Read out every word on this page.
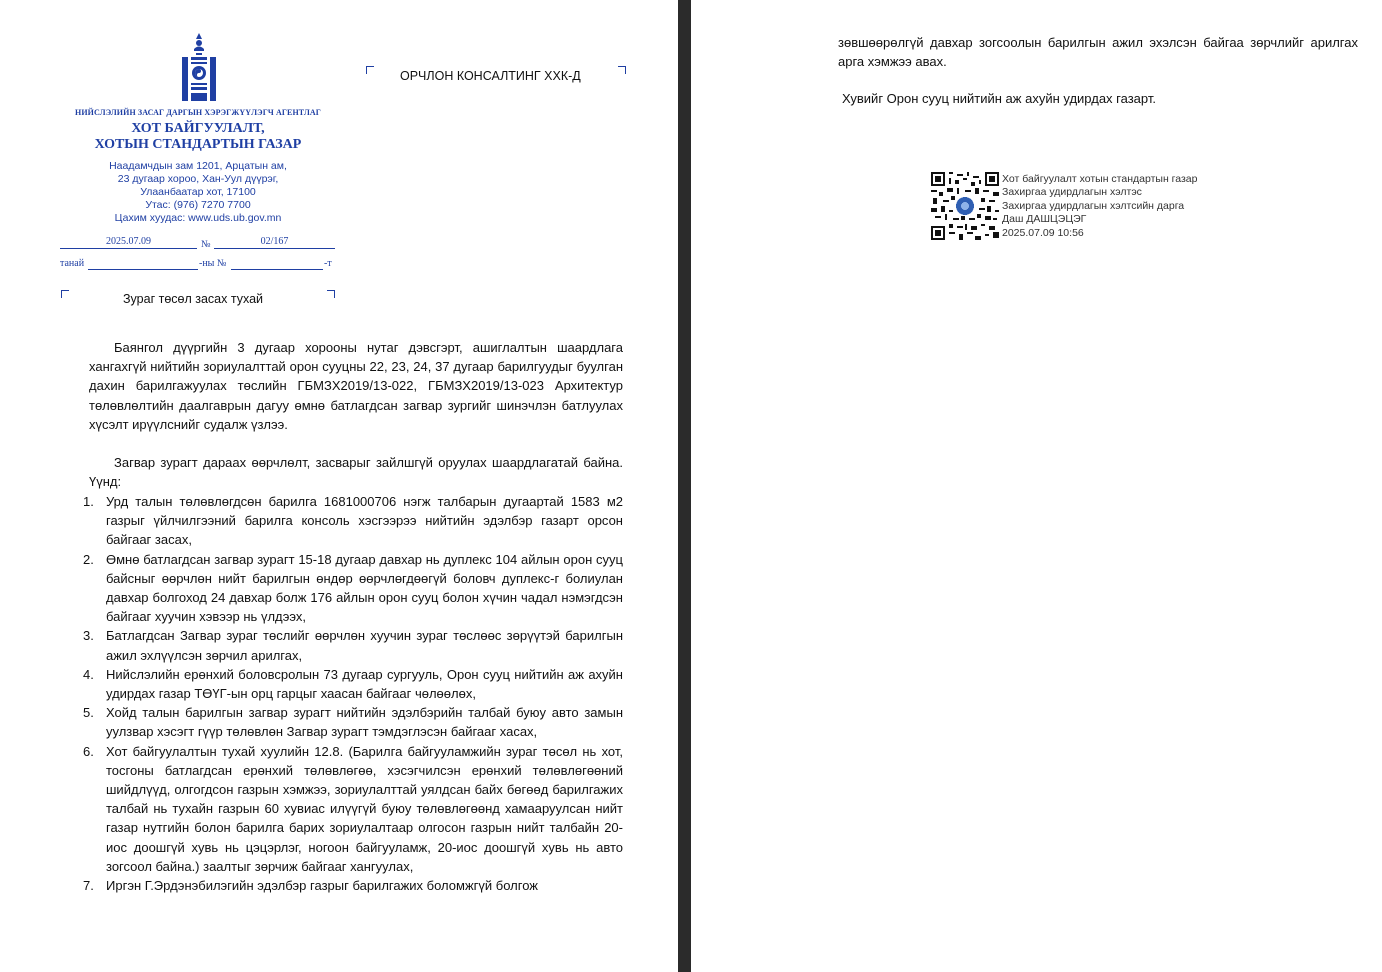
НИЙСЛЭЛИЙН ЗАСАГ ДАРГЫН ХЭРЭГЖҮҮЛЭГЧ АГЕНТЛАГ
ХОТ БАЙГУУЛАЛТ,
ХОТЫН СТАНДАРТЫН ГАЗАР
Наадамчдын зам 1201, Арцатын ам,
23 дугаар хороо, Хан-Уул дүүрэг,
Улаанбаатар хот, 17100
Утас: (976) 7270 7700
Цахим хуудас: www.uds.ub.gov.mn
2025.07.09	№	02/167
танай	-ны №	-т
ОРЧЛОН КОНСАЛТИНГ ХХК-Д
Зураг төсөл засах тухай
Баянгол дүүргийн 3 дугаар хорооны нутаг дэвсгэрт, ашиглалтын шаардлага хангахгүй нийтийн зориулалттай орон сууцны 22, 23, 24, 37 дугаар барилгуудыг буулган дахин барилгажуулах төслийн ГБМЗХ2019/13-022, ГБМЗХ2019/13-023 Архитектур төлөвлөлтийн даалгаврын дагуу өмнө батлагдсан загвар зургийг шинэчлэн батлуулах хүсэлт ирүүлснийг судалж үзлээ.
Загвар зурагт дараах өөрчлөлт, засварыг зайлшгүй оруулах шаардлагатай байна. Үүнд:
1. Урд талын төлөвлөгдсөн барилга 1681000706 нэгж талбарын дугаартай 1583 м2 газрыг үйлчилгээний барилга консоль хэсгээрээ нийтийн эдэлбэр газарт орсон байгааг засах,
2. Өмнө батлагдсан загвар зурагт 15-18 дугаар давхар нь дуплекс 104 айлын орон сууц байсныг өөрчлөн нийт барилгын өндөр өөрчлөгдөөгүй боловч дуплекс-г болиулан давхар болгоход 24 давхар болж 176 айлын орон сууц болон хүчин чадал нэмэгдсэн байгааг хуучин хэвээр нь үлдээх,
3. Батлагдсан Загвар зураг төслийг өөрчлөн хуучин зураг төслөөс зөрүүтэй барилгын ажил эхлүүлсэн зөрчил арилгах,
4. Нийслэлийн ерөнхий боловсролын 73 дугаар сургууль, Орон сууц нийтийн аж ахуйн удирдах газар ТӨҮГ-ын орц гарцыг хаасан байгааг чөлөөлөх,
5. Хойд талын барилгын загвар зурагт нийтийн эдэлбэрийн талбай буюу авто замын уулзвар хэсэгт гүүр төлөвлөн Загвар зурагт тэмдэглэсэн байгааг хасах,
6. Хот байгуулалтын тухай хуулийн 12.8. (Барилга байгууламжийн зураг төсөл нь хот, тосгоны батлагдсан ерөнхий төлөвлөгөө, хэсэгчилсэн ерөнхий төлөвлөгөөний шийдлүүд, олгогдсон газрын хэмжээ, зориулалттай уялдсан байх бөгөөд барилгажих талбай нь тухайн газрын 60 хувиас илүүгүй буюу төлөвлөгөөнд хамааруулсан нийт газар нутгийн болон барилга барих зориулалтаар олгосон газрын нийт талбайн 20-иос доошгүй хувь нь цэцэрлэг, ногоон байгууламж, 20-иос доошгүй хувь нь авто зогсоол байна.) заалтыг зөрчиж байгааг хангуулах,
7. Иргэн Г.Эрдэнэбилэгийн эдэлбэр газрыг барилгажих боломжгүй болгож
зөвшөөрөлгүй давхар зогсоолын барилгын ажил эхэлсэн байгаа зөрчлийг арилгах арга хэмжээ авах.
Хувийг Орон сууц нийтийн аж ахуйн удирдах газарт.
Хот байгуулалт хотын стандартын газар
Захиргаа удирдлагын хэлтэс
Захиргаа удирдлагын хэлтсийн дарга
Даш ДАШЦЭЦЭГ
2025.07.09 10:56
